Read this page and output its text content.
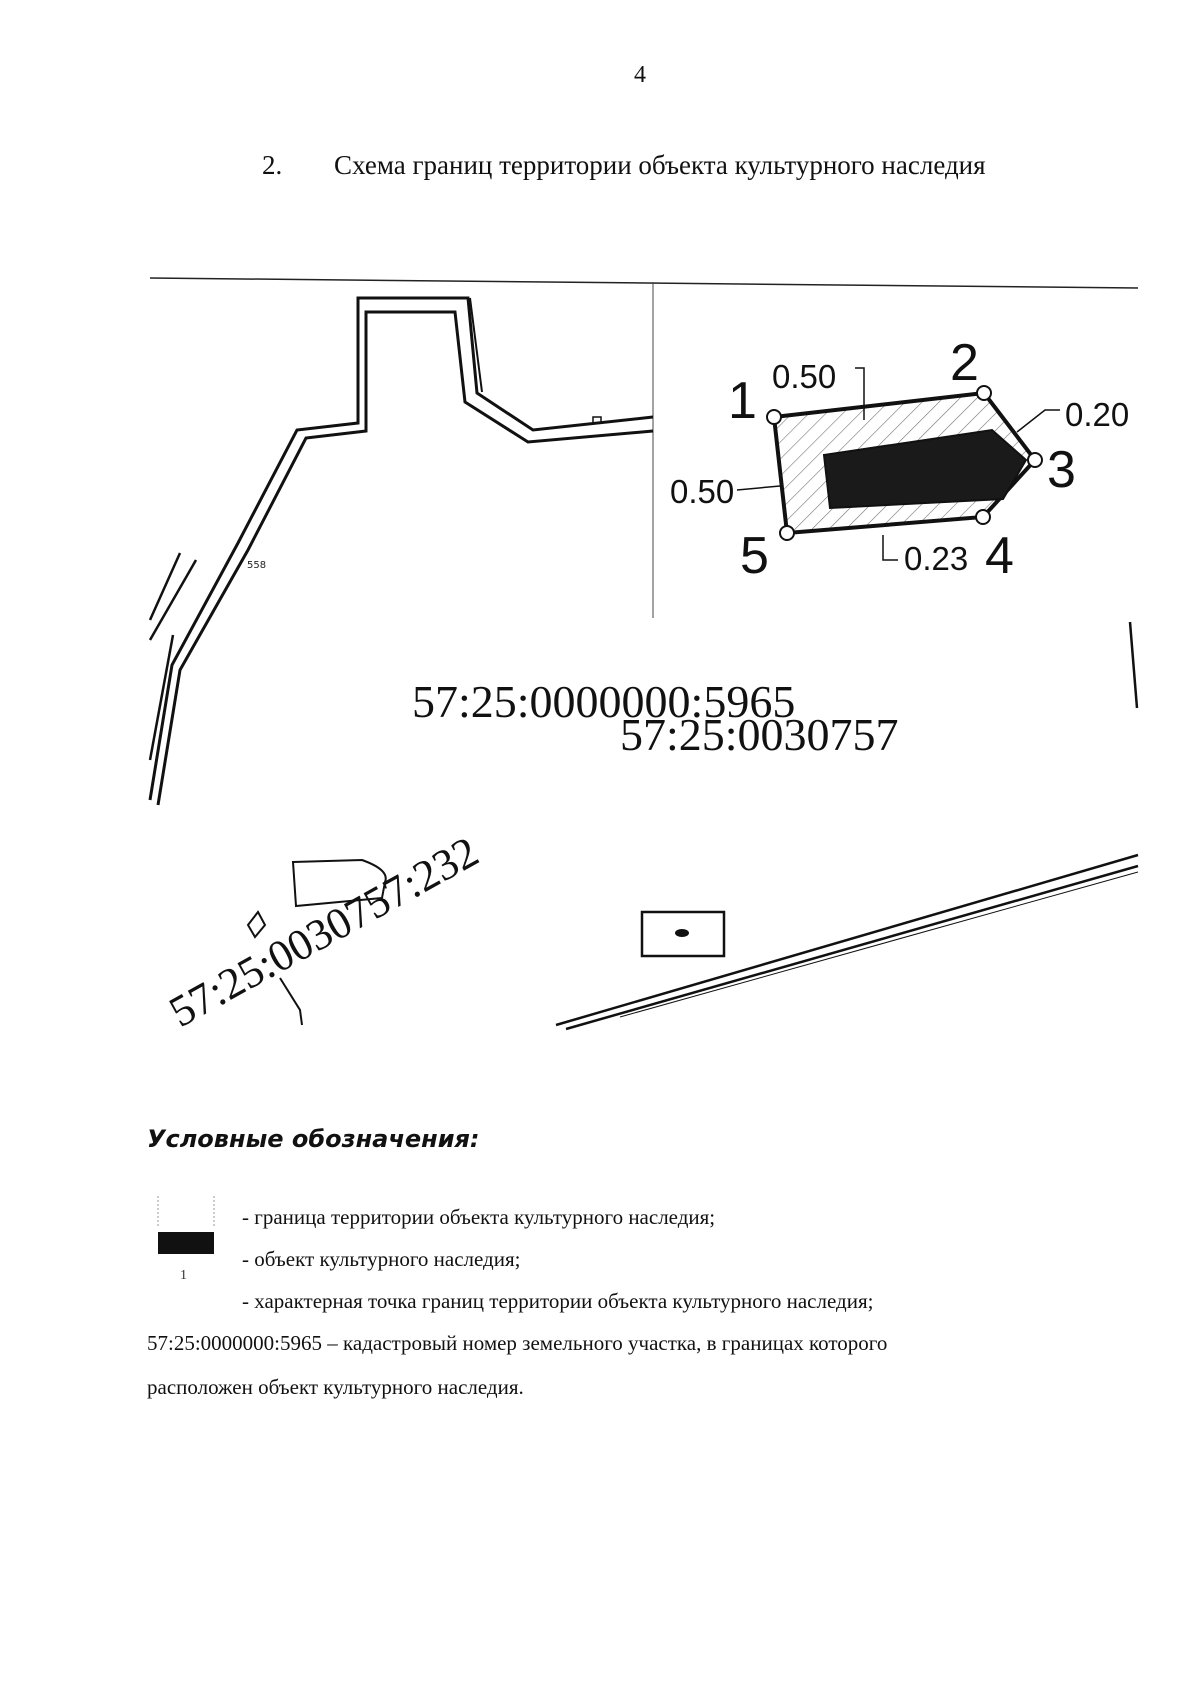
4
2. Схема границ территории объекта культурного наследия
558
1
2
3
4
5
0.50
0.50
0.20
0.23
57:25:0000000:5965
57:25:0030757
57:25:0030757:232
Условные обозначения:
1
- граница территории объекта культурного наследия;
- объект культурного наследия;
- характерная точка границ территории объекта культурного наследия;
57:25:0000000:5965 – кадастровый номер земельного участка, в границах которого
расположен объект культурного наследия.
